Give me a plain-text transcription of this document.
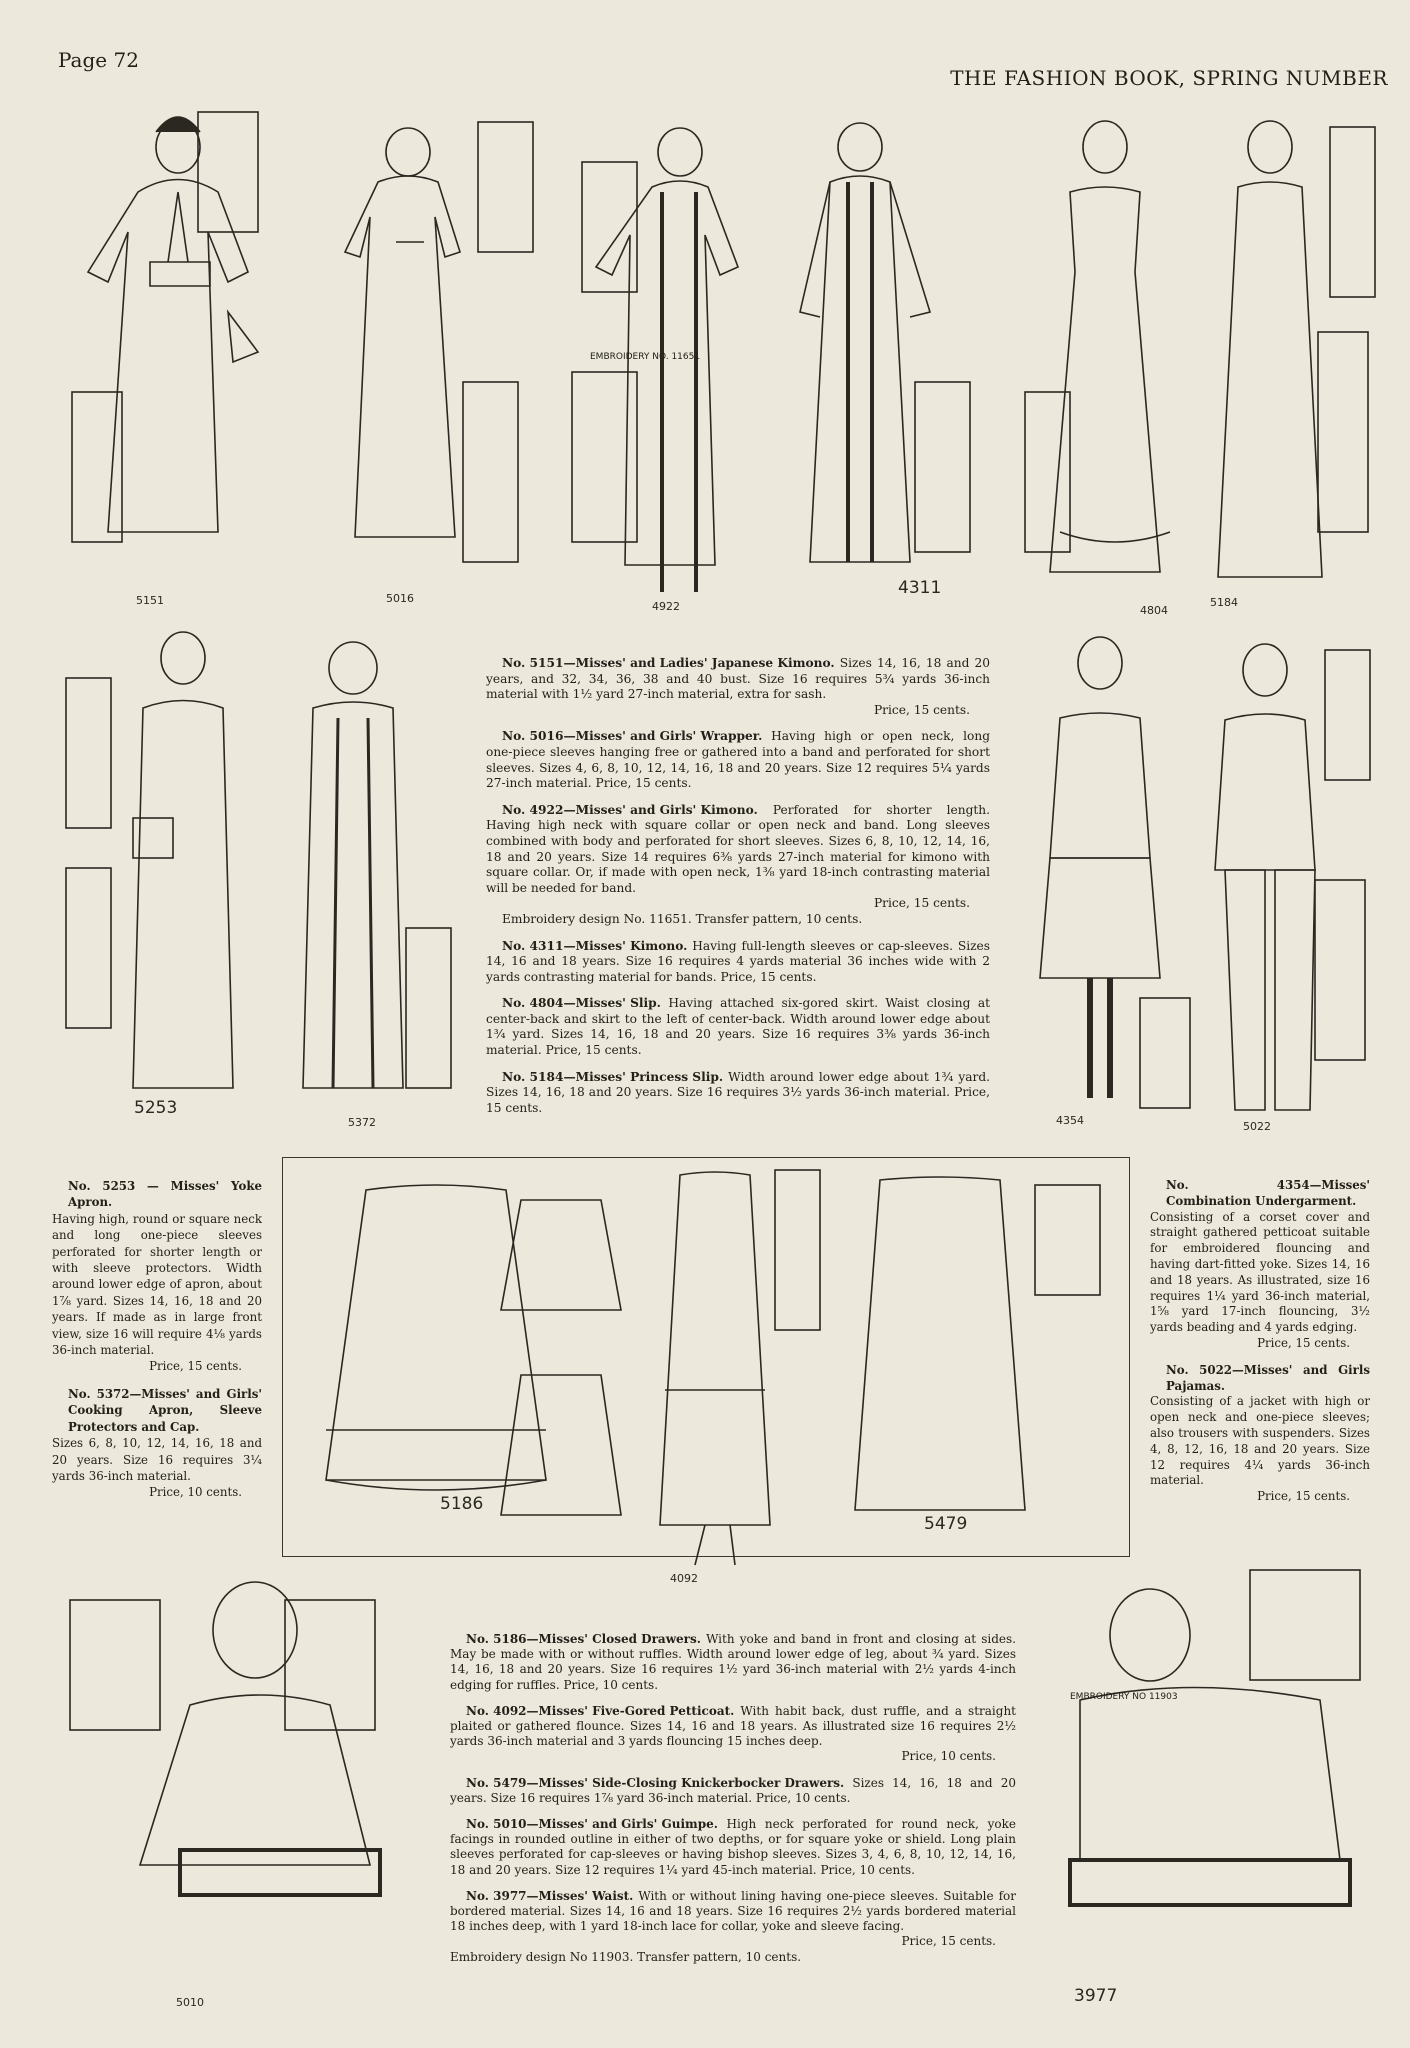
Page 72
THE FASHION BOOK, SPRING NUMBER
5151	5016
EMBROIDERY NO. 11651
4922
4311
4804
5184
5253
5372	4354	5022

No. 5151—Misses' and Ladies' Japanese Kimono. Sizes 14, 16, 18 and 20 years, and 32, 34, 36, 38 and 40 bust. Size 16 requires 5¾ yards 36-inch material with 1½ yard 27-inch material, extra for sash.
Price, 15 cents.

No. 5016—Misses' and Girls' Wrapper. Having high or open neck, long one-piece sleeves hanging free or gathered into a band and perforated for short sleeves. Sizes 4, 6, 8, 10, 12, 14, 16, 18 and 20 years. Size 12 requires 5¼ yards 27-inch material. Price, 15 cents.

No. 4922—Misses' and Girls' Kimono. Perforated for shorter length. Having high neck with square collar or open neck and band. Long sleeves combined with body and perforated for short sleeves. Sizes 6, 8, 10, 12, 14, 16, 18 and 20 years. Size 14 requires 6⅜ yards 27-inch material for kimono with square collar. Or, if made with open neck, 1⅜ yard 18-inch contrasting material will be needed for band.
Price, 15 cents.
Embroidery design No. 11651. Transfer pattern, 10 cents.

No. 4311—Misses' Kimono. Having full-length sleeves or cap-sleeves. Sizes 14, 16 and 18 years. Size 16 requires 4 yards material 36 inches wide with 2 yards contrasting material for bands. Price, 15 cents.

No. 4804—Misses' Slip. Having attached six-gored skirt. Waist closing at center-back and skirt to the left of center-back. Width around lower edge about 1¾ yard. Sizes 14, 16, 18 and 20 years. Size 16 requires 3⅜ yards 36-inch material. Price, 15 cents.

No. 5184—Misses' Princess Slip. Width around lower edge about 1¾ yard. Sizes 14, 16, 18 and 20 years. Size 16 requires 3½ yards 36-inch material. Price, 15 cents.

No. 5253 — Misses' Yoke Apron. Having high, round or square neck and long one-piece sleeves perforated for shorter length or with sleeve protectors. Width around lower edge of apron, about 1⅞ yard. Sizes 14, 16, 18 and 20 years. If made as in large front view, size 16 will require 4⅛ yards 36-inch material.
Price, 15 cents.

No. 5372—Misses' and Girls' Cooking Apron, Sleeve Protectors and Cap. Sizes 6, 8, 10, 12, 14, 16, 18 and 20 years. Size 16 requires 3¼ yards 36-inch material.
Price, 10 cents.

No. 4354—Misses' Combination Undergarment. Consisting of a corset cover and straight gathered petticoat suitable for embroidered flouncing and having dart-fitted yoke. Sizes 14, 16 and 18 years. As illustrated, size 16 requires 1¼ yard 36-inch material, 1⅝ yard 17-inch flouncing, 3½ yards beading and 4 yards edging.
Price, 15 cents.

No. 5022—Misses' and Girls Pajamas. Consisting of a jacket with high or open neck and one-piece sleeves; also trousers with suspenders. Sizes 4, 8, 12, 16, 18 and 20 years. Size 12 requires 4¼ yards 36-inch material.
Price, 15 cents.

5186
4092
5479
5010
EMBROIDERY NO 11903
3977

No. 5186—Misses' Closed Drawers. With yoke and band in front and closing at sides. May be made with or without ruffles. Width around lower edge of leg, about ¾ yard. Sizes 14, 16, 18 and 20 years. Size 16 requires 1½ yard 36-inch material with 2½ yards 4-inch edging for ruffles. Price, 10 cents.

No. 4092—Misses' Five-Gored Petticoat. With habit back, dust ruffle, and a straight plaited or gathered flounce. Sizes 14, 16 and 18 years. As illustrated size 16 requires 2½ yards 36-inch material and 3 yards flouncing 15 inches deep.
Price, 10 cents.

No. 5479—Misses' Side-Closing Knickerbocker Drawers. Sizes 14, 16, 18 and 20 years. Size 16 requires 1⅞ yard 36-inch material. Price, 10 cents.

No. 5010—Misses' and Girls' Guimpe. High neck perforated for round neck, yoke facings in rounded outline in either of two depths, or for square yoke or shield. Long plain sleeves perforated for cap-sleeves or having bishop sleeves. Sizes 3, 4, 6, 8, 10, 12, 14, 16, 18 and 20 years. Size 12 requires 1¼ yard 45-inch material. Price, 10 cents.

No. 3977—Misses' Waist. With or without lining having one-piece sleeves. Suitable for bordered material. Sizes 14, 16 and 18 years. Size 16 requires 2½ yards bordered material 18 inches deep, with 1 yard 18-inch lace for collar, yoke and sleeve facing.
Price, 15 cents.
Embroidery design No 11903. Transfer pattern, 10 cents.
